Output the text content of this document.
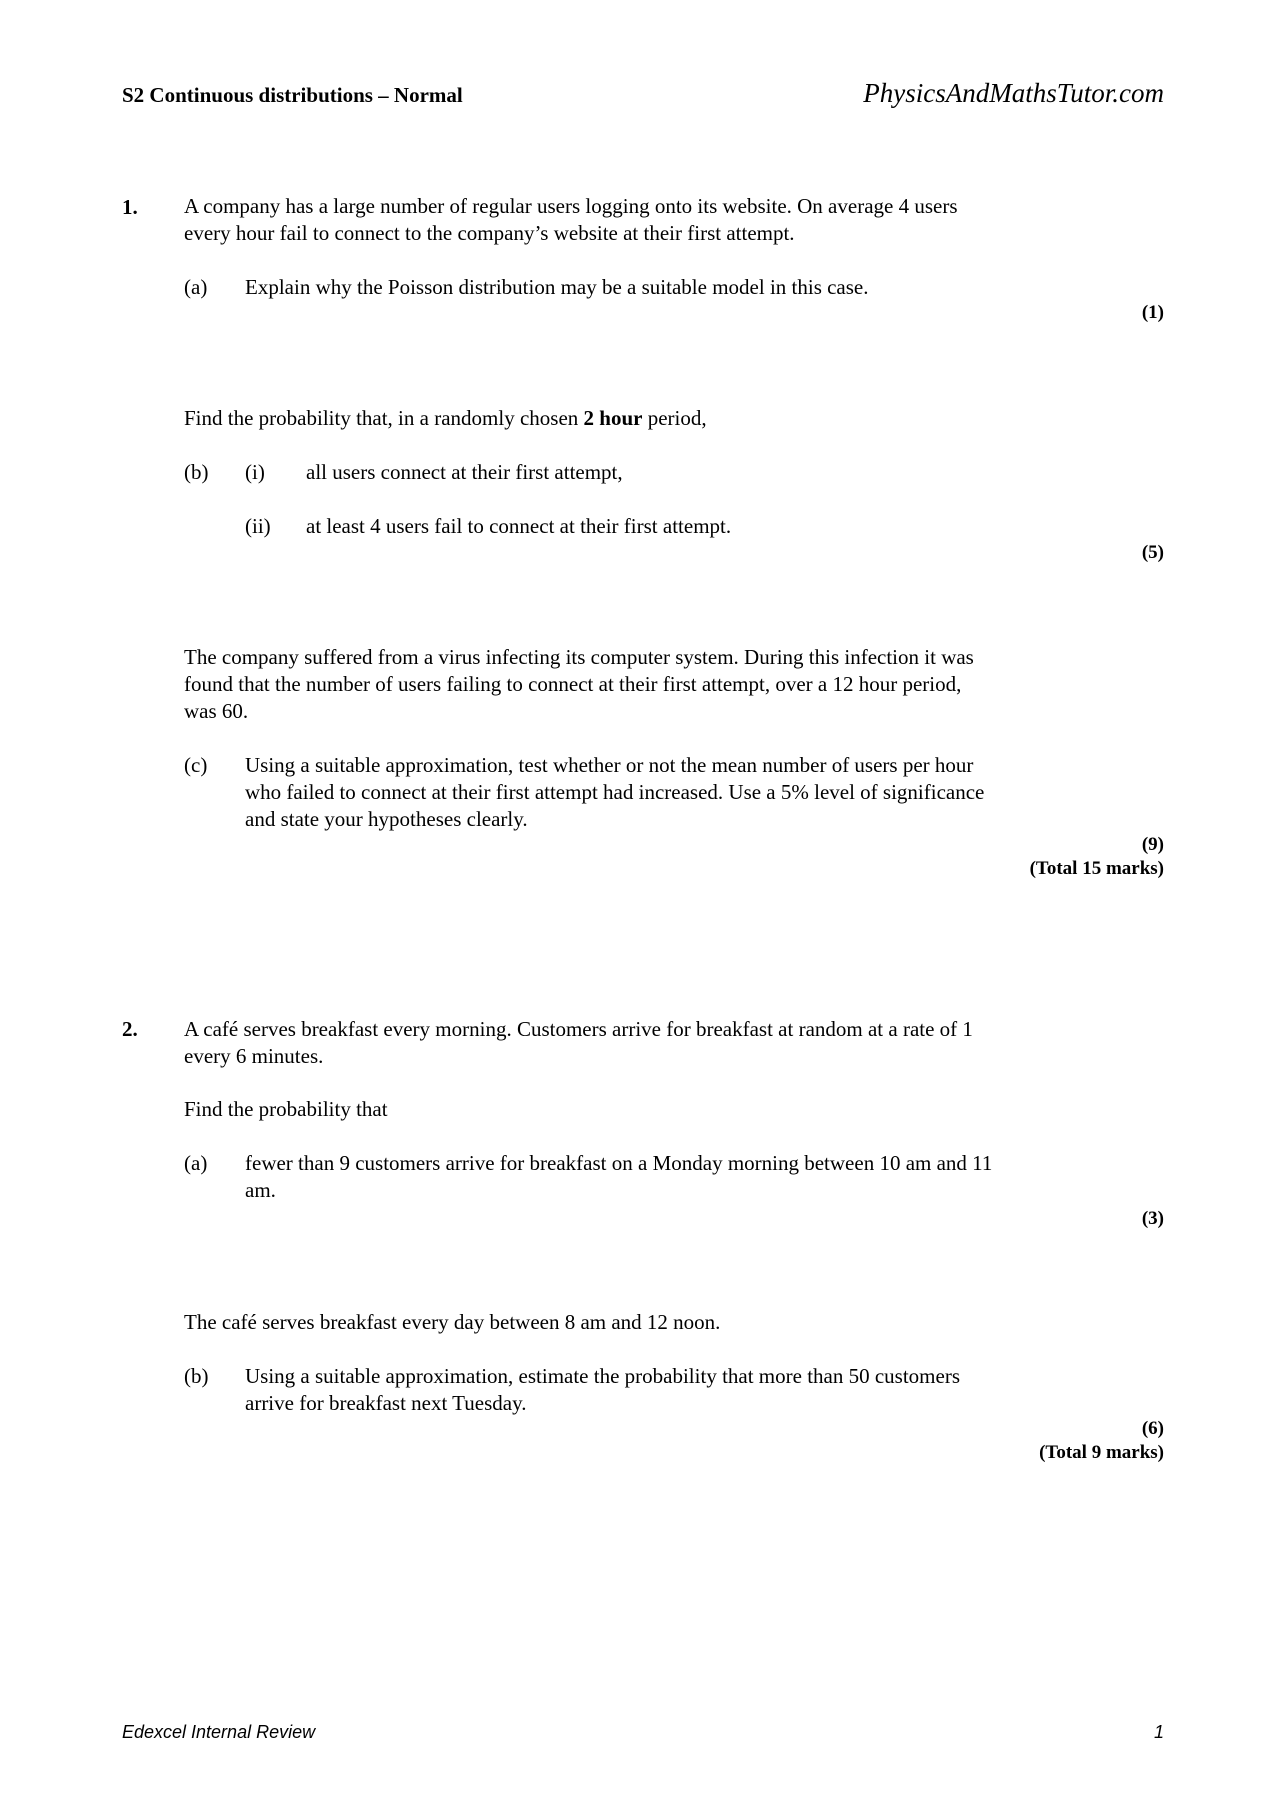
S2 Continuous distributions – Normal	PhysicsAndMathsTutor.com
1. A company has a large number of regular users logging onto its website. On average 4 users
every hour fail to connect to the company’s website at their first attempt.
(a) Explain why the Poisson distribution may be a suitable model in this case.
(1)
Find the probability that, in a randomly chosen 2 hour period,
(b) (i) all users connect at their first attempt,
(ii) at least 4 users fail to connect at their first attempt.
(5)
The company suffered from a virus infecting its computer system. During this infection it was
found that the number of users failing to connect at their first attempt, over a 12 hour period,
was 60.
(c) Using a suitable approximation, test whether or not the mean number of users per hour
who failed to connect at their first attempt had increased. Use a 5% level of significance
and state your hypotheses clearly.
(9)
(Total 15 marks)
2. A café serves breakfast every morning. Customers arrive for breakfast at random at a rate of 1
every 6 minutes.
Find the probability that
(a) fewer than 9 customers arrive for breakfast on a Monday morning between 10 am and 11
am.
(3)
The café serves breakfast every day between 8 am and 12 noon.
(b) Using a suitable approximation, estimate the probability that more than 50 customers
arrive for breakfast next Tuesday.
(6)
(Total 9 marks)
Edexcel Internal Review	1
